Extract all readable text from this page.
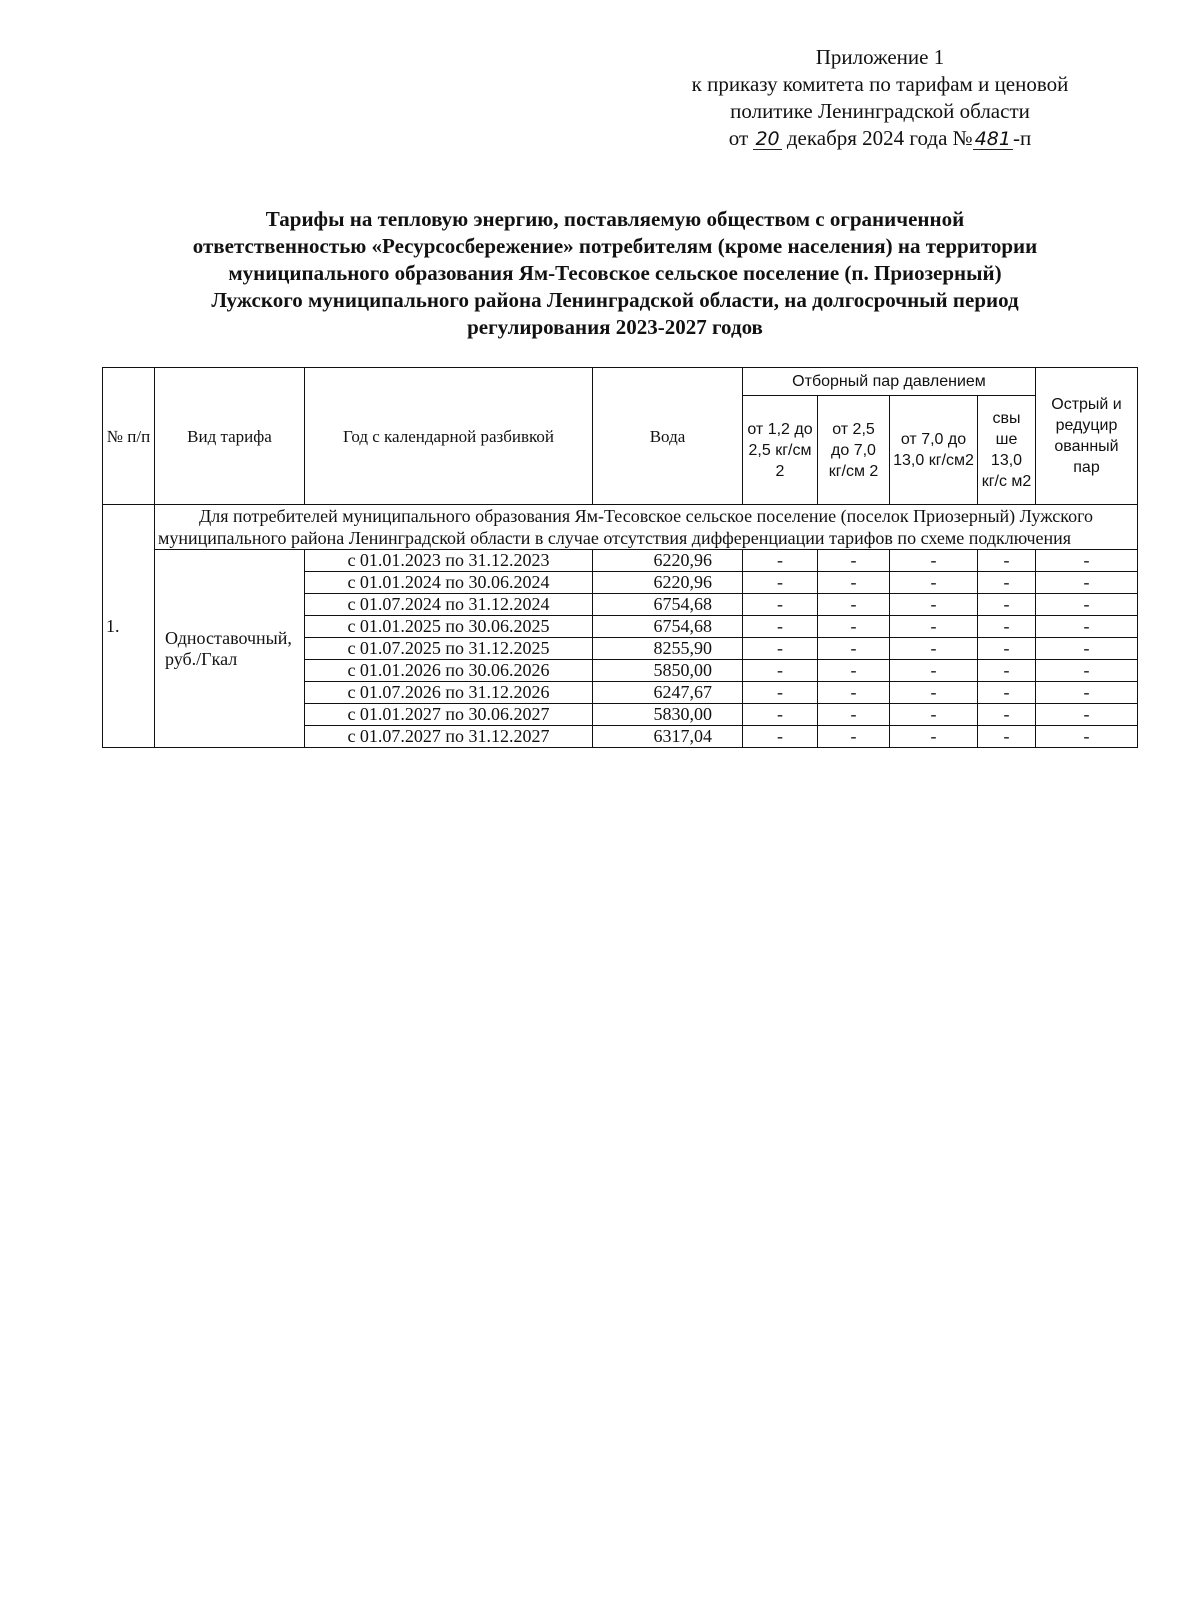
Приложение 1
к приказу комитета по тарифам и ценовой
политике Ленинградской области
от 20 декабря 2024 года № 481-п
Тарифы на тепловую энергию, поставляемую обществом с ограниченной
ответственностью «Ресурсосбережение» потребителям (кроме населения) на территории
муниципального образования Ям-Тесовское сельское поселение (п. Приозерный)
Лужского муниципального района Ленинградской области, на долгосрочный период
регулирования 2023-2027 годов
№ п/п	Вид тарифа	Год с календарной разбивкой	Вода	Отборный пар давлением				Острый и редуцир ованный пар
				от 1,2 до 2,5 кг/см 2	от 2,5 до 7,0 кг/см 2	от 7,0 до 13,0 кг/см2	свы ше 13,0 кг/с м2	
1.	Для потребителей муниципального образования Ям-Тесовское сельское поселение (поселок Приозерный) Лужского муниципального района Ленинградской области в случае отсутствия дифференциации тарифов по схеме подключения							
	Одноставочный, руб./Гкал	с 01.01.2023 по 31.12.2023	6220,96	-	-	-	-	-
		с 01.01.2024 по 30.06.2024	6220,96	-	-	-	-	-
		с 01.07.2024 по 31.12.2024	6754,68	-	-	-	-	-
		с 01.01.2025 по 30.06.2025	6754,68	-	-	-	-	-
		с 01.07.2025 по 31.12.2025	8255,90	-	-	-	-	-
		с 01.01.2026 по 30.06.2026	5850,00	-	-	-	-	-
		с 01.07.2026 по 31.12.2026	6247,67	-	-	-	-	-
		с 01.01.2027 по 30.06.2027	5830,00	-	-	-	-	-
		с 01.07.2027 по 31.12.2027	6317,04	-	-	-	-	-
